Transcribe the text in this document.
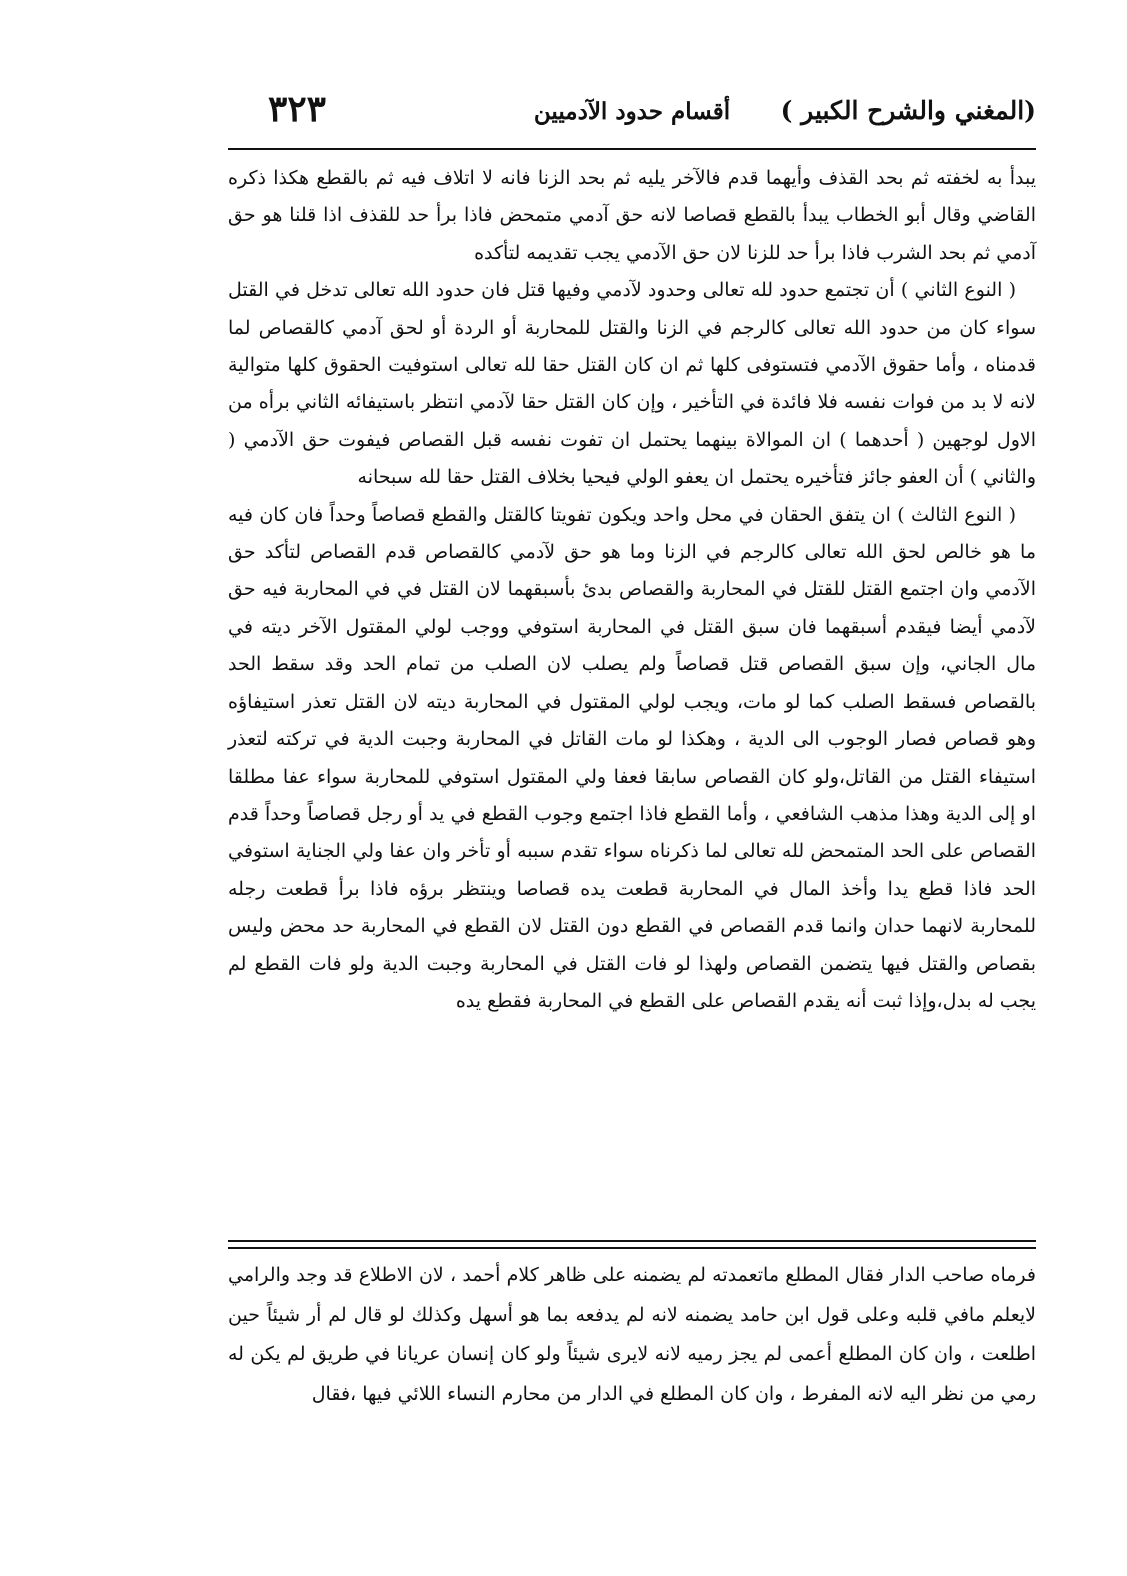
(المغني والشرح الكبير )
أقسام حدود الآدميين
٣٢٣

يبدأ به لخفته ثم بحد القذف وأيهما قدم فالآخر يليه ثم بحد الزنا فانه لا اتلاف فيه ثم بالقطع هكذا ذكره القاضي وقال أبو الخطاب يبدأ بالقطع قصاصا لانه حق آدمي متمحض فاذا برأ حد للقذف اذا قلنا هو حق آدمي ثم بحد الشرب فاذا برأ حد للزنا لان حق الآدمي يجب تقديمه لتأكده

( النوع الثاني ) أن تجتمع حدود لله تعالى وحدود لآدمي وفيها قتل فان حدود الله تعالى تدخل في القتل سواء كان من حدود الله تعالى كالرجم في الزنا والقتل للمحاربة أو الردة أو لحق آدمي كالقصاص لما قدمناه ، وأما حقوق الآدمي فتستوفى كلها ثم ان كان القتل حقا لله تعالى استوفيت الحقوق كلها متوالية لانه لا بد من فوات نفسه فلا فائدة في التأخير ، وإن كان القتل حقا لآدمي انتظر باستيفائه الثاني برأه من الاول لوجهين ( أحدهما ) ان الموالاة بينهما يحتمل ان تفوت نفسه قبل القصاص فيفوت حق الآدمي ( والثاني ) أن العفو جائز فتأخيره يحتمل ان يعفو الولي فيحيا بخلاف القتل حقا لله سبحانه

( النوع الثالث ) ان يتفق الحقان في محل واحد ويكون تفويتا كالقتل والقطع قصاصاً وحداً فان كان فيه ما هو خالص لحق الله تعالى كالرجم في الزنا وما هو حق لآدمي كالقصاص قدم القصاص لتأكد حق الآدمي وان اجتمع القتل للقتل في المحاربة والقصاص بدئ بأسبقهما لان القتل في في المحاربة فيه حق لآدمي أيضا فيقدم أسبقهما فان سبق القتل في المحاربة استوفي ووجب لولي المقتول الآخر ديته في مال الجاني، وإن سبق القصاص قتل قصاصاً ولم يصلب لان الصلب من تمام الحد وقد سقط الحد بالقصاص فسقط الصلب كما لو مات، ويجب لولي المقتول في المحاربة ديته لان القتل تعذر استيفاؤه وهو قصاص فصار الوجوب الى الدية ، وهكذا لو مات القاتل في المحاربة وجبت الدية في تركته لتعذر استيفاء القتل من القاتل،ولو كان القصاص سابقا فعفا ولي المقتول استوفي للمحاربة سواء عفا مطلقا او إلى الدية وهذا مذهب الشافعي ، وأما القطع فاذا اجتمع وجوب القطع في يد أو رجل قصاصاً وحداً قدم القصاص على الحد المتمحض لله تعالى لما ذكرناه سواء تقدم سببه أو تأخر وان عفا ولي الجناية استوفي الحد فاذا قطع يدا وأخذ المال في المحاربة قطعت يده قصاصا وينتظر برؤه فاذا برأ قطعت رجله للمحاربة لانهما حدان وانما قدم القصاص في القطع دون القتل لان القطع في المحاربة حد محض وليس بقصاص والقتل فيها يتضمن القصاص ولهذا لو فات القتل في المحاربة وجبت الدية ولو فات القطع لم يجب له بدل،وإذا ثبت أنه يقدم القصاص على القطع في المحاربة فقطع يده

فرماه صاحب الدار فقال المطلع ماتعمدته لم يضمنه على ظاهر كلام أحمد ، لان الاطلاع قد وجد والرامي لايعلم مافي قلبه وعلى قول ابن حامد يضمنه لانه لم يدفعه بما هو أسهل وكذلك لو قال لم أر شيئاً حين اطلعت ، وان كان المطلع أعمى لم يجز رميه لانه لايرى شيئاً ولو كان إنسان عريانا في طريق لم يكن له رمي من نظر اليه لانه المفرط ، وان كان المطلع في الدار من محارم النساء اللائي فيها ،فقال
